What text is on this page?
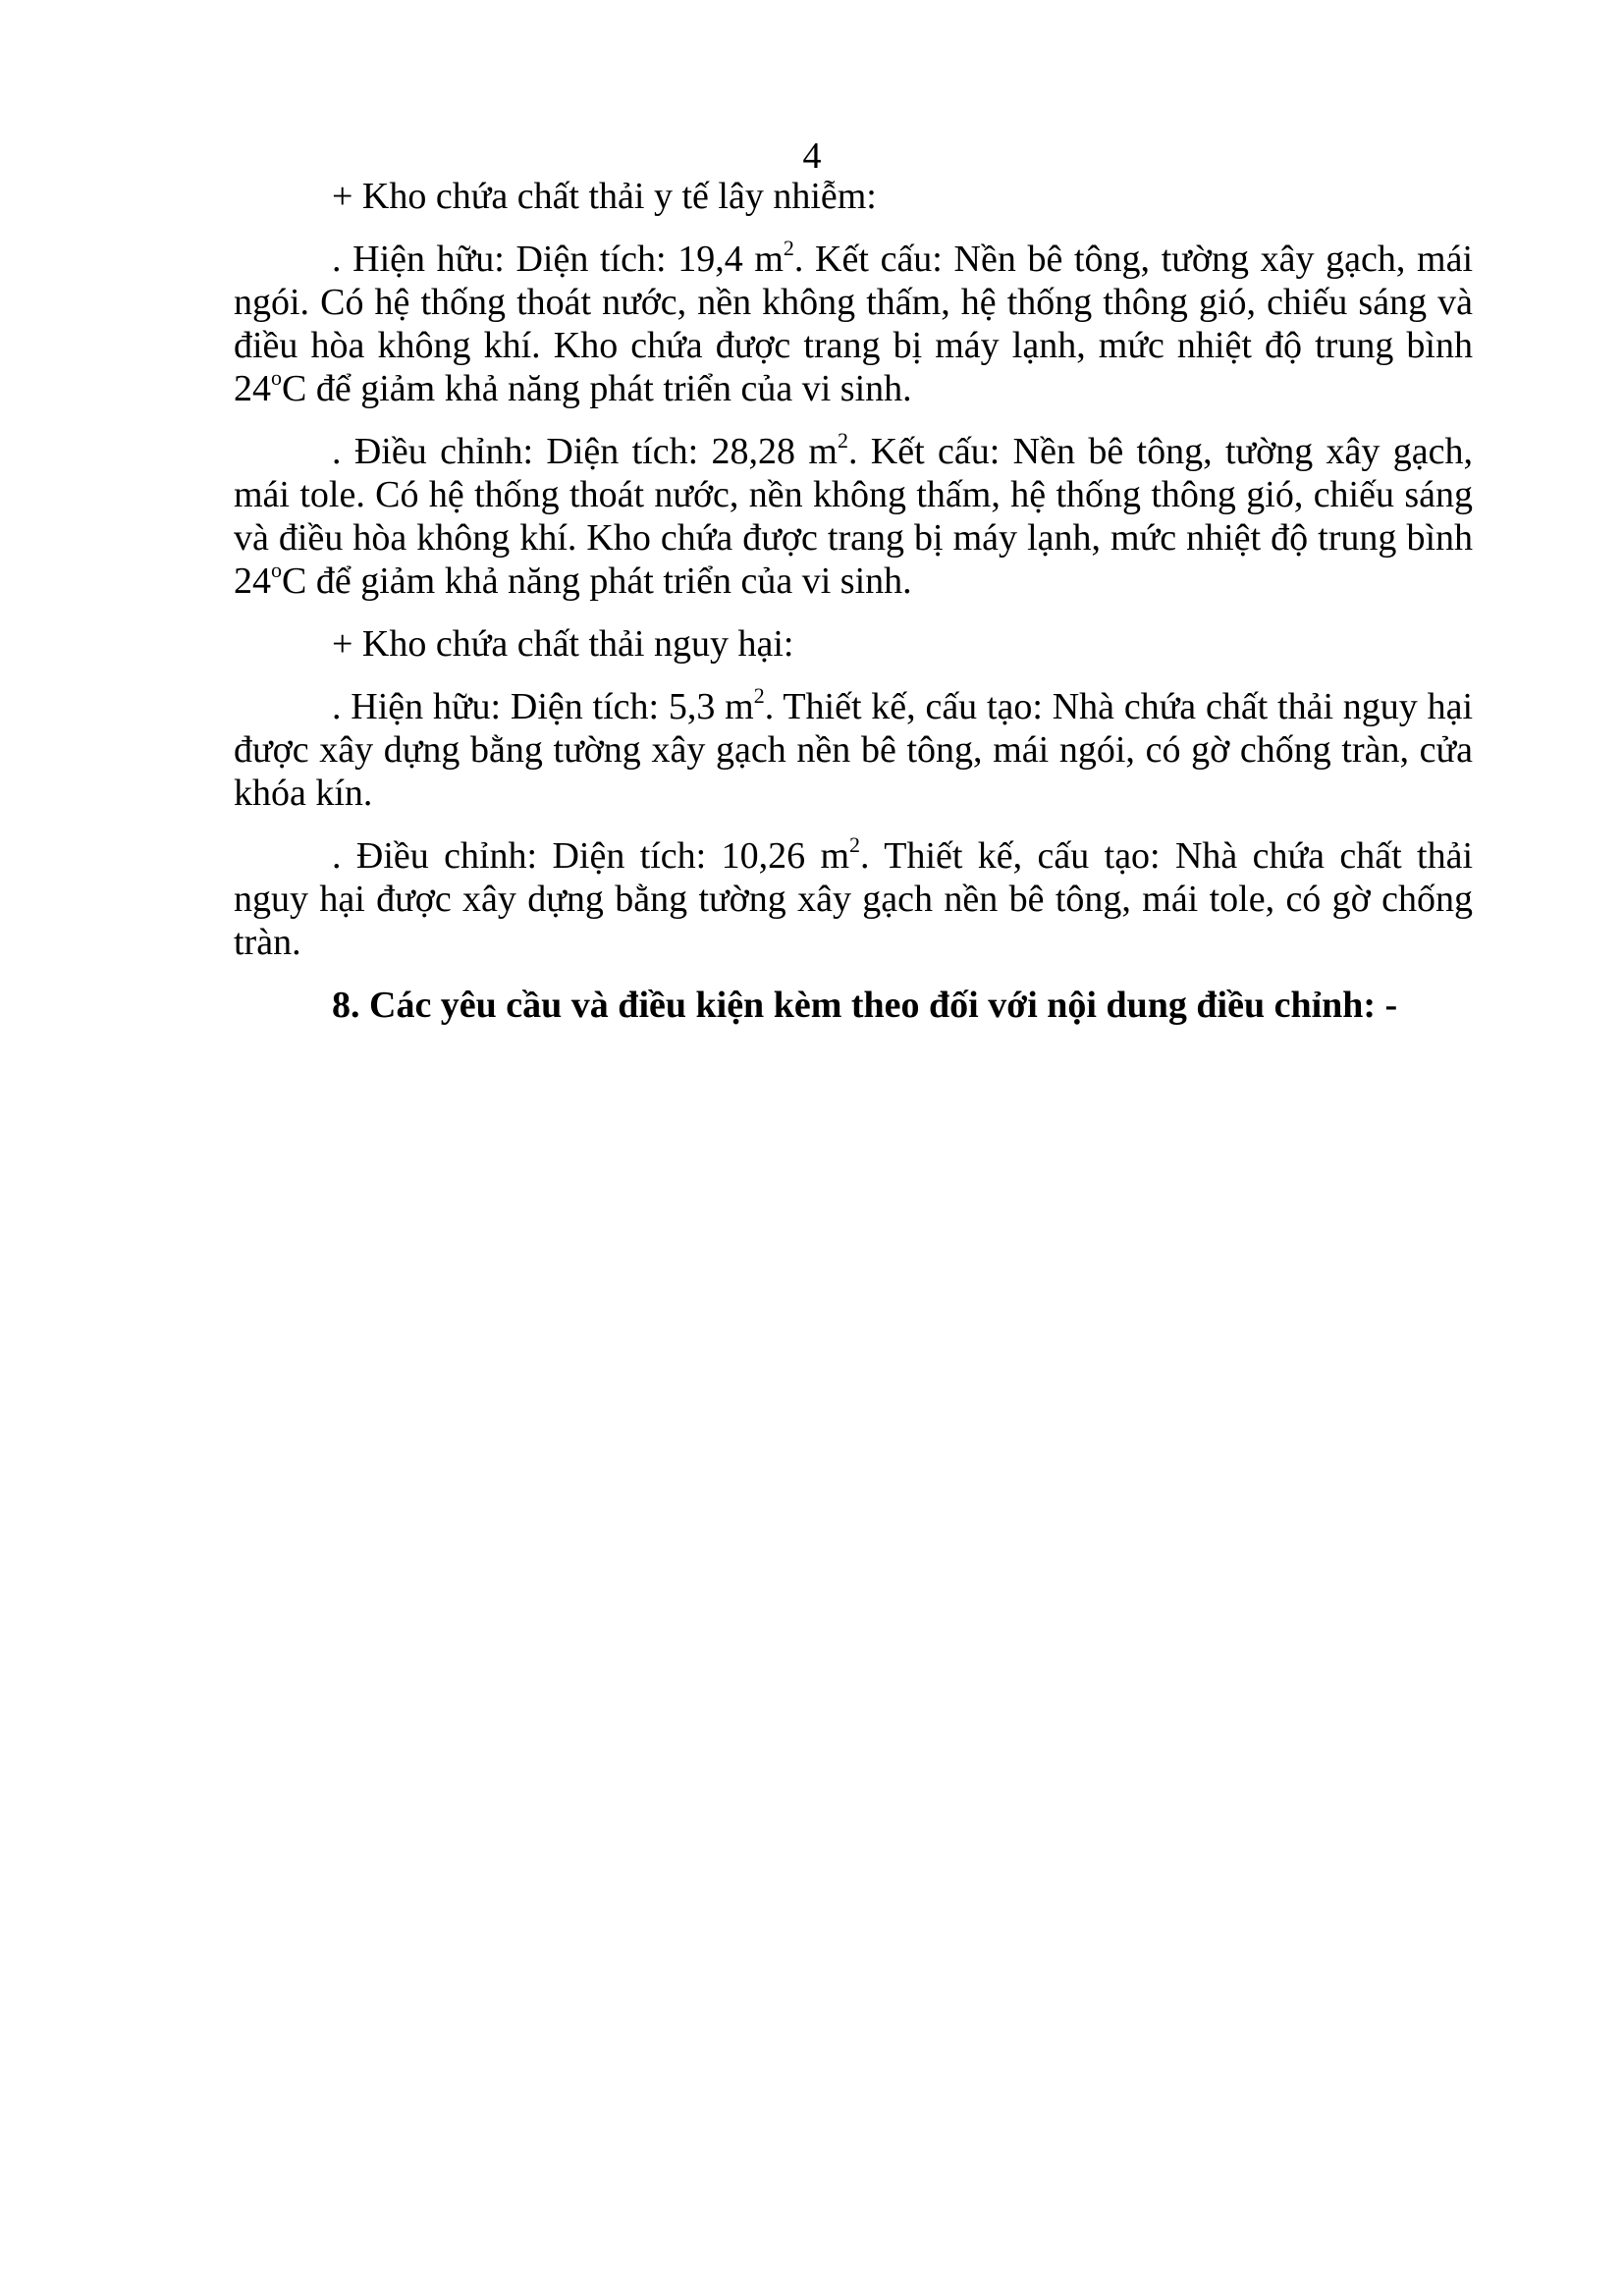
4

+ Kho chứa chất thải y tế lây nhiễm:

. Hiện hữu: Diện tích: 19,4 $m^2$. Kết cấu: Nền bê tông, tường xây gạch, mái ngói. Có hệ thống thoát nước, nền không thấm, hệ thống thông gió, chiếu sáng và điều hòa không khí. Kho chứa được trang bị máy lạnh, mức nhiệt độ trung bình 24$^o$C để giảm khả năng phát triển của vi sinh.

. Điều chỉnh: Diện tích: 28,28 $m^2$. Kết cấu: Nền bê tông, tường xây gạch, mái tole. Có hệ thống thoát nước, nền không thấm, hệ thống thông gió, chiếu sáng và điều hòa không khí. Kho chứa được trang bị máy lạnh, mức nhiệt độ trung bình 24$^o$C để giảm khả năng phát triển của vi sinh.

+ Kho chứa chất thải nguy hại:

. Hiện hữu: Diện tích: 5,3 $m^2$. Thiết kế, cấu tạo: Nhà chứa chất thải nguy hại được xây dựng bằng tường xây gạch nền bê tông, mái ngói, có gờ chống tràn, cửa khóa kín.

. Điều chỉnh: Diện tích: 10,26 $m^2$. Thiết kế, cấu tạo: Nhà chứa chất thải nguy hại được xây dựng bằng tường xây gạch nền bê tông, mái tole, có gờ chống tràn.

8. Các yêu cầu và điều kiện kèm theo đối với nội dung điều chỉnh: -
